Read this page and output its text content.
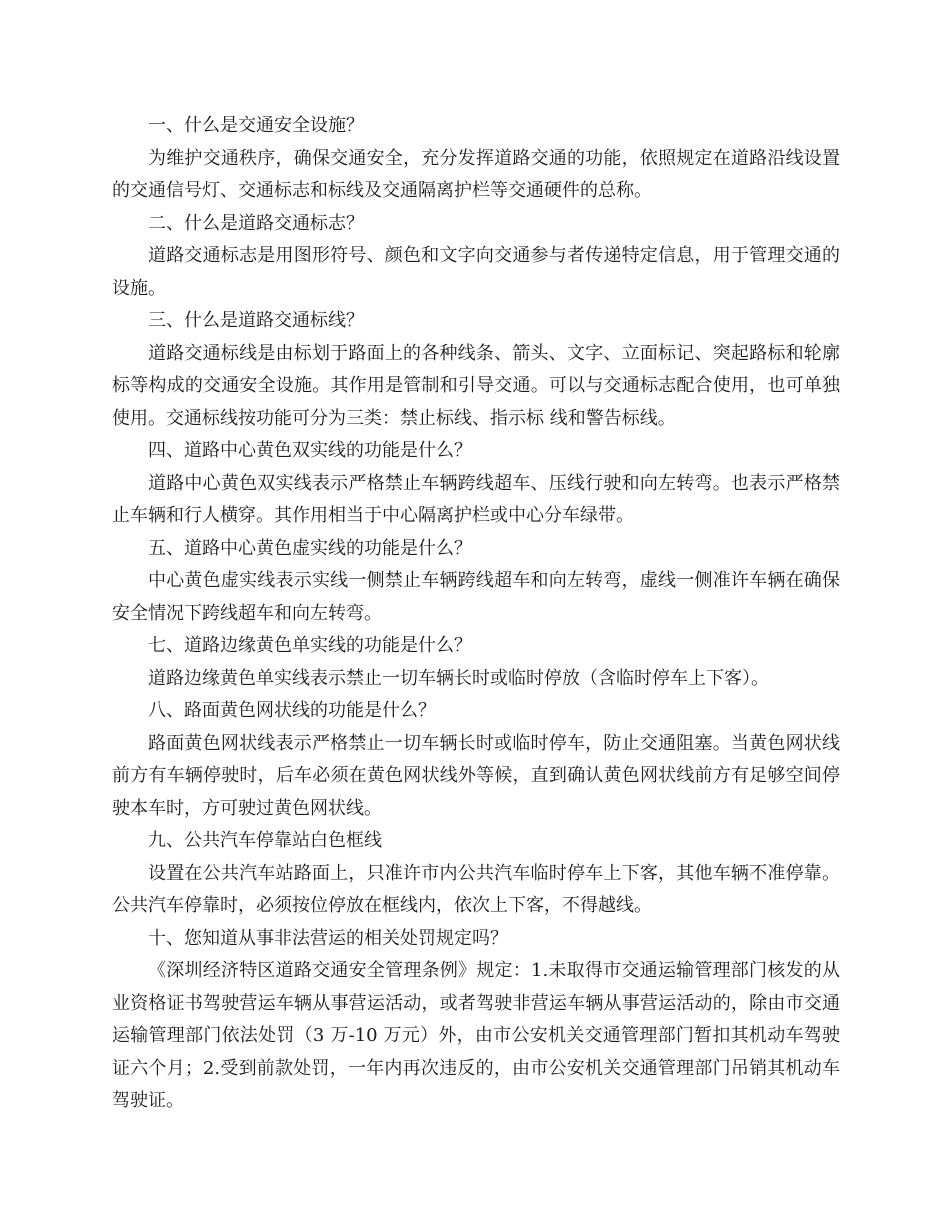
一、什么是交通安全设施？

为维护交通秩序，确保交通安全，充分发挥道路交通的功能，依照规定在道路沿线设置的交通信号灯、交通标志和标线及交通隔离护栏等交通硬件的总称。

二、什么是道路交通标志？

道路交通标志是用图形符号、颜色和文字向交通参与者传递特定信息，用于管理交通的设施。

三、什么是道路交通标线？

道路交通标线是由标划于路面上的各种线条、箭头、文字、立面标记、突起路标和轮廓标等构成的交通安全设施。其作用是管制和引导交通。可以与交通标志配合使用，也可单独使用。交通标线按功能可分为三类：禁止标线、指示标 线和警告标线。

四、道路中心黄色双实线的功能是什么？

道路中心黄色双实线表示严格禁止车辆跨线超车、压线行驶和向左转弯。也表示严格禁止车辆和行人横穿。其作用相当于中心隔离护栏或中心分车绿带。

五、道路中心黄色虚实线的功能是什么？

中心黄色虚实线表示实线一侧禁止车辆跨线超车和向左转弯，虚线一侧准许车辆在确保安全情况下跨线超车和向左转弯。

七、道路边缘黄色单实线的功能是什么？

道路边缘黄色单实线表示禁止一切车辆长时或临时停放（含临时停车上下客）。

八、路面黄色网状线的功能是什么？

路面黄色网状线表示严格禁止一切车辆长时或临时停车，防止交通阻塞。当黄色网状线前方有车辆停驶时，后车必须在黄色网状线外等候，直到确认黄色网状线前方有足够空间停驶本车时，方可驶过黄色网状线。

九、公共汽车停靠站白色框线

设置在公共汽车站路面上，只准许市内公共汽车临时停车上下客，其他车辆不准停靠。公共汽车停靠时，必须按位停放在框线内，依次上下客，不得越线。

十、您知道从事非法营运的相关处罚规定吗？

《深圳经济特区道路交通安全管理条例》规定：1.未取得市交通运输管理部门核发的从业资格证书驾驶营运车辆从事营运活动，或者驾驶非营运车辆从事营运活动的，除由市交通运输管理部门依法处罚（3 万-10 万元）外，由市公安机关交通管理部门暂扣其机动车驾驶证六个月；2.受到前款处罚，一年内再次违反的，由市公安机关交通管理部门吊销其机动车驾驶证。
